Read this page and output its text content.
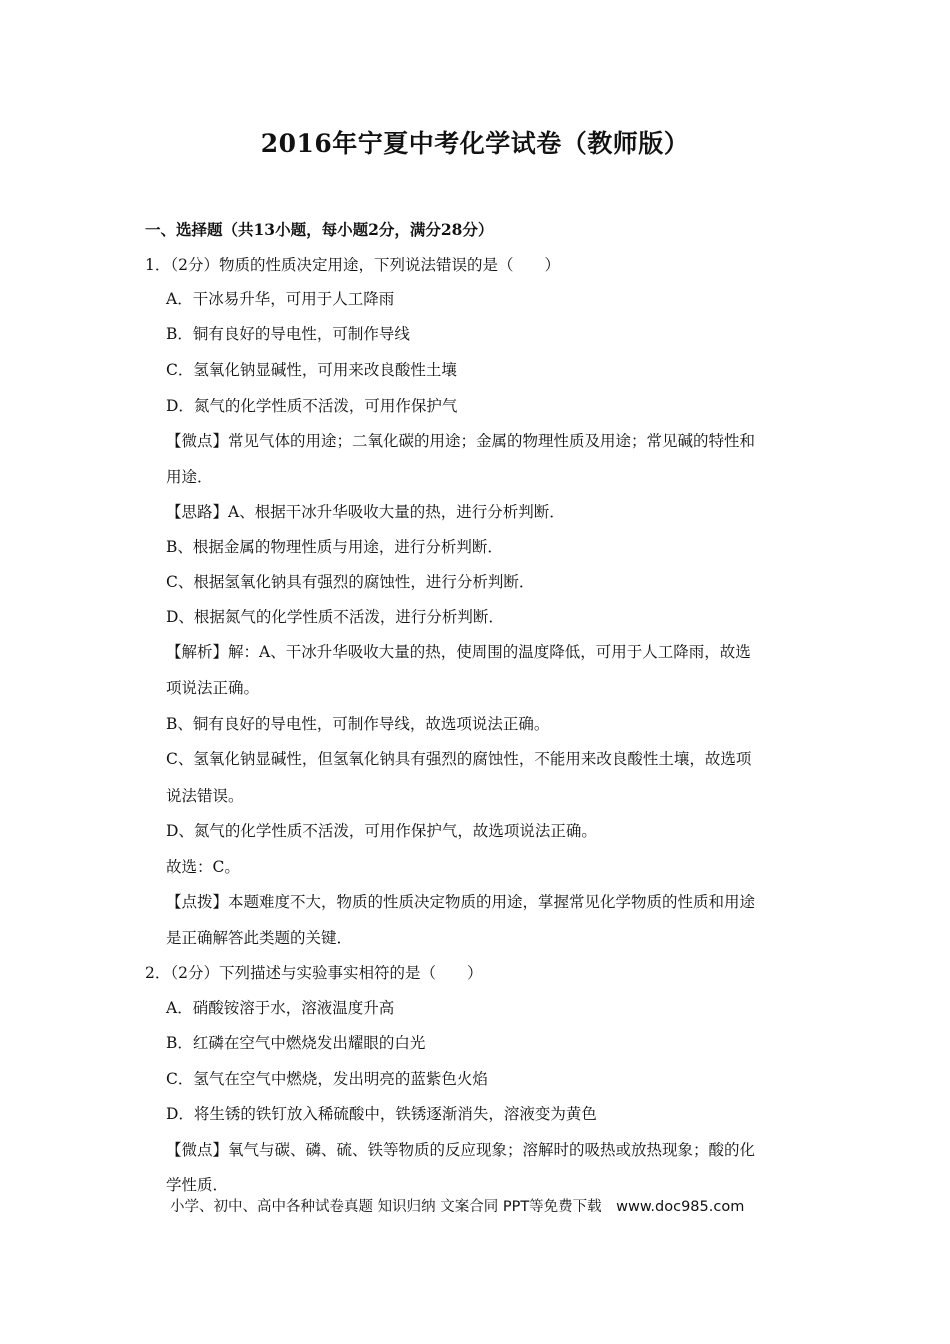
2016年宁夏中考化学试卷（教师版）
一、选择题（共13小题，每小题2分，满分28分）
1．（2分）物质的性质决定用途，下列说法错误的是（　　）
A．干冰易升华，可用于人工降雨
B．铜有良好的导电性，可制作导线
C．氢氧化钠显碱性，可用来改良酸性土壤
D．氮气的化学性质不活泼，可用作保护气
【微点】常见气体的用途；二氧化碳的用途；金属的物理性质及用途；常见碱的特性和
用途．
【思路】A、根据干冰升华吸收大量的热，进行分析判断．
B、根据金属的物理性质与用途，进行分析判断．
C、根据氢氧化钠具有强烈的腐蚀性，进行分析判断．
D、根据氮气的化学性质不活泼，进行分析判断．
【解析】解：A、干冰升华吸收大量的热，使周围的温度降低，可用于人工降雨，故选
项说法正确。
B、铜有良好的导电性，可制作导线，故选项说法正确。
C、氢氧化钠显碱性，但氢氧化钠具有强烈的腐蚀性，不能用来改良酸性土壤，故选项
说法错误。
D、氮气的化学性质不活泼，可用作保护气，故选项说法正确。
故选：C。
【点拨】本题难度不大，物质的性质决定物质的用途，掌握常见化学物质的性质和用途
是正确解答此类题的关键．
2．（2分）下列描述与实验事实相符的是（　　）
A．硝酸铵溶于水，溶液温度升高
B．红磷在空气中燃烧发出耀眼的白光
C．氢气在空气中燃烧，发出明亮的蓝紫色火焰
D．将生锈的铁钉放入稀硫酸中，铁锈逐渐消失，溶液变为黄色
【微点】氧气与碳、磷、硫、铁等物质的反应现象；溶解时的吸热或放热现象；酸的化
学性质．
小学、初中、高中各种试卷真题 知识归纳 文案合同 PPT等免费下载　www.doc985.com
